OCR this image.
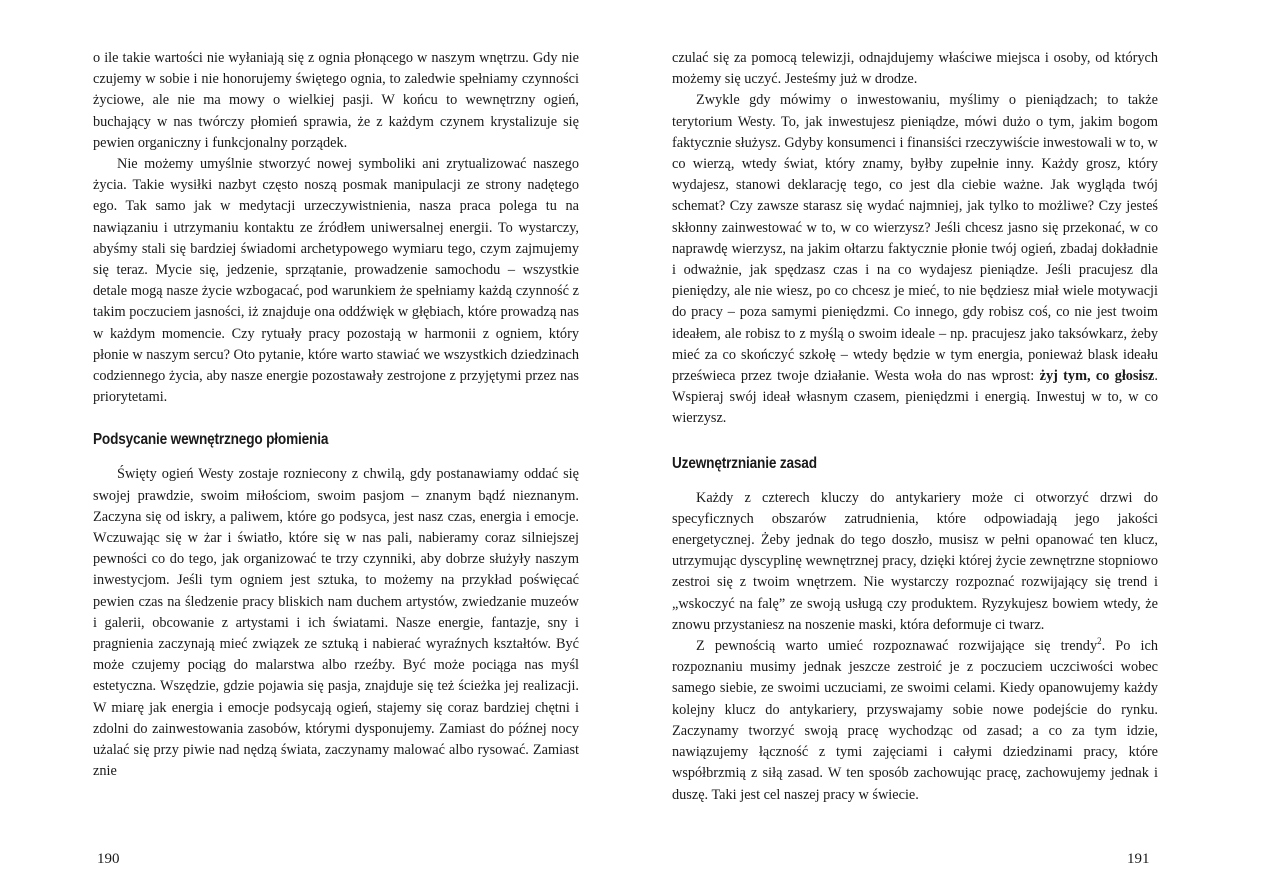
o ile takie wartości nie wyłaniają się z ognia płonącego w naszym wnętrzu. Gdy nie czujemy w sobie i nie honorujemy świętego ognia, to zaledwie spełniamy czynności życiowe, ale nie ma mowy o wielkiej pasji. W końcu to wewnętrzny ogień, buchający w nas twórczy płomień sprawia, że z każdym czynem krystalizuje się pewien organiczny i funkcjonalny porządek.

Nie możemy umyślnie stworzyć nowej symboliki ani zrytualizować naszego życia. Takie wysiłki nazbyt często noszą posmak manipulacji ze strony nadętego ego. Tak samo jak w medytacji urzeczywistnienia, nasza praca polega tu na nawiązaniu i utrzymaniu kontaktu ze źródłem uniwersalnej energii. To wystarczy, abyśmy stali się bardziej świadomi archetypowego wymiaru tego, czym zajmujemy się teraz. Mycie się, jedzenie, sprzątanie, prowadzenie samochodu – wszystkie detale mogą nasze życie wzbogacać, pod warunkiem że spełniamy każdą czynność z takim poczuciem jasności, iż znajduje ona oddźwięk w głębiach, które prowadzą nas w każdym momencie. Czy rytuały pracy pozostają w harmonii z ogniem, który płonie w naszym sercu? Oto pytanie, które warto stawiać we wszystkich dziedzinach codziennego życia, aby nasze energie pozostawały zestrojone z przyjętymi przez nas priorytetami.

Podsycanie wewnętrznego płomienia

Święty ogień Westy zostaje rozniecony z chwilą, gdy postanawiamy oddać się swojej prawdzie, swoim miłościom, swoim pasjom – znanym bądź nieznanym. Zaczyna się od iskry, a paliwem, które go podsyca, jest nasz czas, energia i emocje. Wczuwając się w żar i światło, które się w nas pali, nabieramy coraz silniejszej pewności co do tego, jak organizować te trzy czynniki, aby dobrze służyły naszym inwestycjom. Jeśli tym ogniem jest sztuka, to możemy na przykład poświęcać pewien czas na śledzenie pracy bliskich nam duchem artystów, zwiedzanie muzeów i galerii, obcowanie z artystami i ich światami. Nasze energie, fantazje, sny i pragnienia zaczynają mieć związek ze sztuką i nabierać wyraźnych kształtów. Być może czujemy pociąg do malarstwa albo rzeźby. Być może pociąga nas myśl estetyczna. Wszędzie, gdzie pojawia się pasja, znajduje się też ścieżka jej realizacji. W miarę jak energia i emocje podsycają ogień, stajemy się coraz bardziej chętni i zdolni do zainwestowania zasobów, którymi dysponujemy. Zamiast do późnej nocy użalać się przy piwie nad nędzą świata, zaczynamy malować albo rysować. Zamiast znie

czulać się za pomocą telewizji, odnajdujemy właściwe miejsca i osoby, od których możemy się uczyć. Jesteśmy już w drodze.

Zwykle gdy mówimy o inwestowaniu, myślimy o pieniądzach; to także terytorium Westy. To, jak inwestujesz pieniądze, mówi dużo o tym, jakim bogom faktycznie służysz. Gdyby konsumenci i finansiści rzeczywiście inwestowali w to, w co wierzą, wtedy świat, który znamy, byłby zupełnie inny. Każdy grosz, który wydajesz, stanowi deklarację tego, co jest dla ciebie ważne. Jak wygląda twój schemat? Czy zawsze starasz się wydać najmniej, jak tylko to możliwe? Czy jesteś skłonny zainwestować w to, w co wierzysz? Jeśli chcesz jasno się przekonać, w co naprawdę wierzysz, na jakim ołtarzu faktycznie płonie twój ogień, zbadaj dokładnie i odważnie, jak spędzasz czas i na co wydajesz pieniądze. Jeśli pracujesz dla pieniędzy, ale nie wiesz, po co chcesz je mieć, to nie będziesz miał wiele motywacji do pracy – poza samymi pieniędzmi. Co innego, gdy robisz coś, co nie jest twoim ideałem, ale robisz to z myślą o swoim ideale – np. pracujesz jako taksówkarz, żeby mieć za co skończyć szkołę – wtedy będzie w tym energia, ponieważ blask ideału prześwieca przez twoje działanie. Westa woła do nas wprost: żyj tym, co głosisz. Wspieraj swój ideał własnym czasem, pieniędzmi i energią. Inwestuj w to, w co wierzysz.

Uzewnętrznianie zasad

Każdy z czterech kluczy do antykariery może ci otworzyć drzwi do specyficznych obszarów zatrudnienia, które odpowiadają jego jakości energetycznej. Żeby jednak do tego doszło, musisz w pełni opanować ten klucz, utrzymując dyscyplinę wewnętrznej pracy, dzięki której życie zewnętrzne stopniowo zestroi się z twoim wnętrzem. Nie wystarczy rozpoznać rozwijający się trend i „wskoczyć na falę” ze swoją usługą czy produktem. Ryzykujesz bowiem wtedy, że znowu przystaniesz na noszenie maski, która deformuje ci twarz.

Z pewnością warto umieć rozpoznawać rozwijające się trendy$^2$. Po ich rozpoznaniu musimy jednak jeszcze zestroić je z poczuciem uczciwości wobec samego siebie, ze swoimi uczuciami, ze swoimi celami. Kiedy opanowujemy każdy kolejny klucz do antykariery, przyswajamy sobie nowe podejście do rynku. Zaczynamy tworzyć swoją pracę wychodząc od zasad; a co za tym idzie, nawiązujemy łączność z tymi zajęciami i całymi dziedzinami pracy, które współbrzmią z siłą zasad. W ten sposób zachowując pracę, zachowujemy jednak i duszę. Taki jest cel naszej pracy w świecie.

190	191
